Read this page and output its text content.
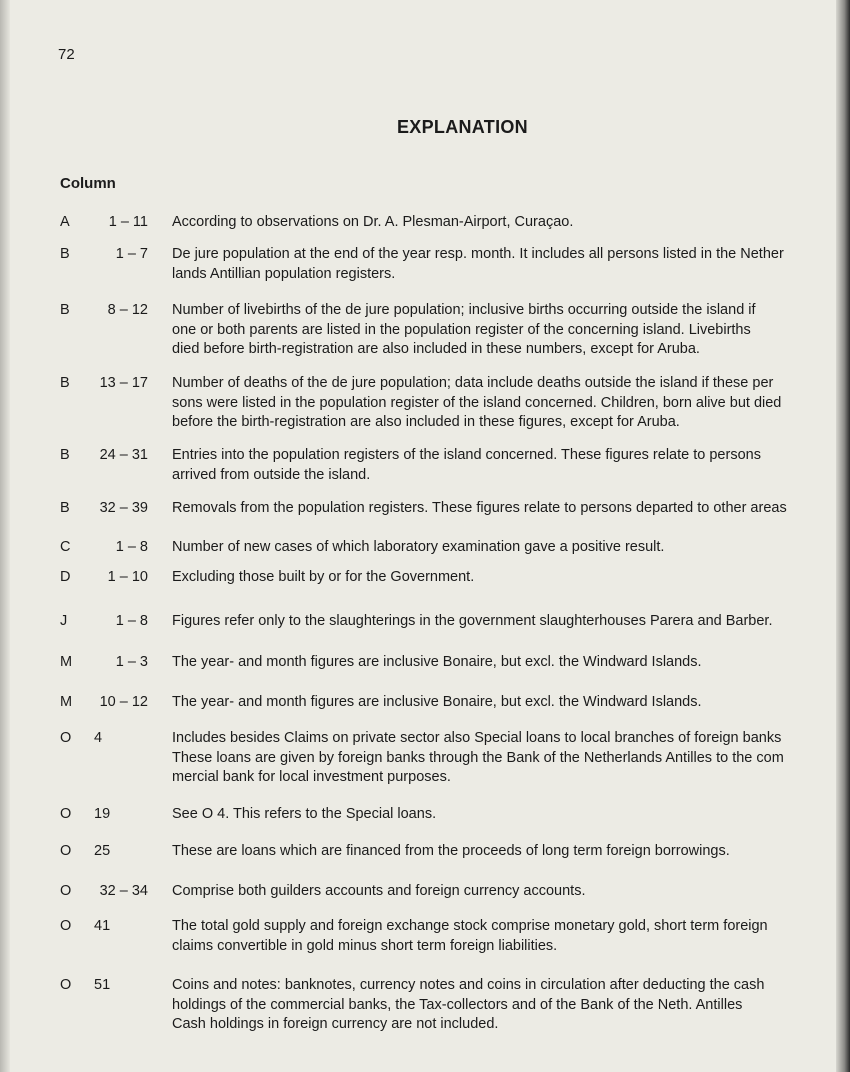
72
EXPLANATION
Column
A	1 – 11 According to observations on Dr. A. Plesman-Airport, Curaçao.
B	1 – 7 De jure population at the end of the year resp. month. It includes all persons listed in the Nether
lands Antillian population registers.
B	8 – 12 Number of livebirths of the de jure population; inclusive births occurring outside the island if
one or both parents are listed in the population register of the concerning island. Livebirths
died before birth-registration are also included in these numbers, except for Aruba.
B	13 – 17 Number of deaths of the de jure population; data include deaths outside the island if these per
sons were listed in the population register of the island concerned. Children, born alive but died
before the birth-registration are also included in these figures, except for Aruba.
B	24 – 31 Entries into the population registers of the island concerned. These figures relate to persons
arrived from outside the island.
B	32 – 39 Removals from the population registers. These figures relate to persons departed to other areas
C	1 – 8 Number of new cases of which laboratory examination gave a positive result.
D	1 – 10 Excluding those built by or for the Government.
J	1 – 8 Figures refer only to the slaughterings in the government slaughterhouses Parera and Barber.
M	1 – 3 The year- and month figures are inclusive Bonaire, but excl. the Windward Islands.
M	10 – 12 The year- and month figures are inclusive Bonaire, but excl. the Windward Islands.
O 4	Includes besides Claims on private sector also Special loans to local branches of foreign banks
These loans are given by foreign banks through the Bank of the Netherlands Antilles to the com
mercial bank for local investment purposes.
O 19	See O 4. This refers to the Special loans.
O 25	These are loans which are financed from the proceeds of long term foreign borrowings.
O	32 – 34 Comprise both guilders accounts and foreign currency accounts.
O 41	The total gold supply and foreign exchange stock comprise monetary gold, short term foreign
claims convertible in gold minus short term foreign liabilities.
O 51	Coins and notes: banknotes, currency notes and coins in circulation after deducting the cash
holdings of the commercial banks, the Tax-collectors and of the Bank of the Neth. Antilles
Cash holdings in foreign currency are not included.
